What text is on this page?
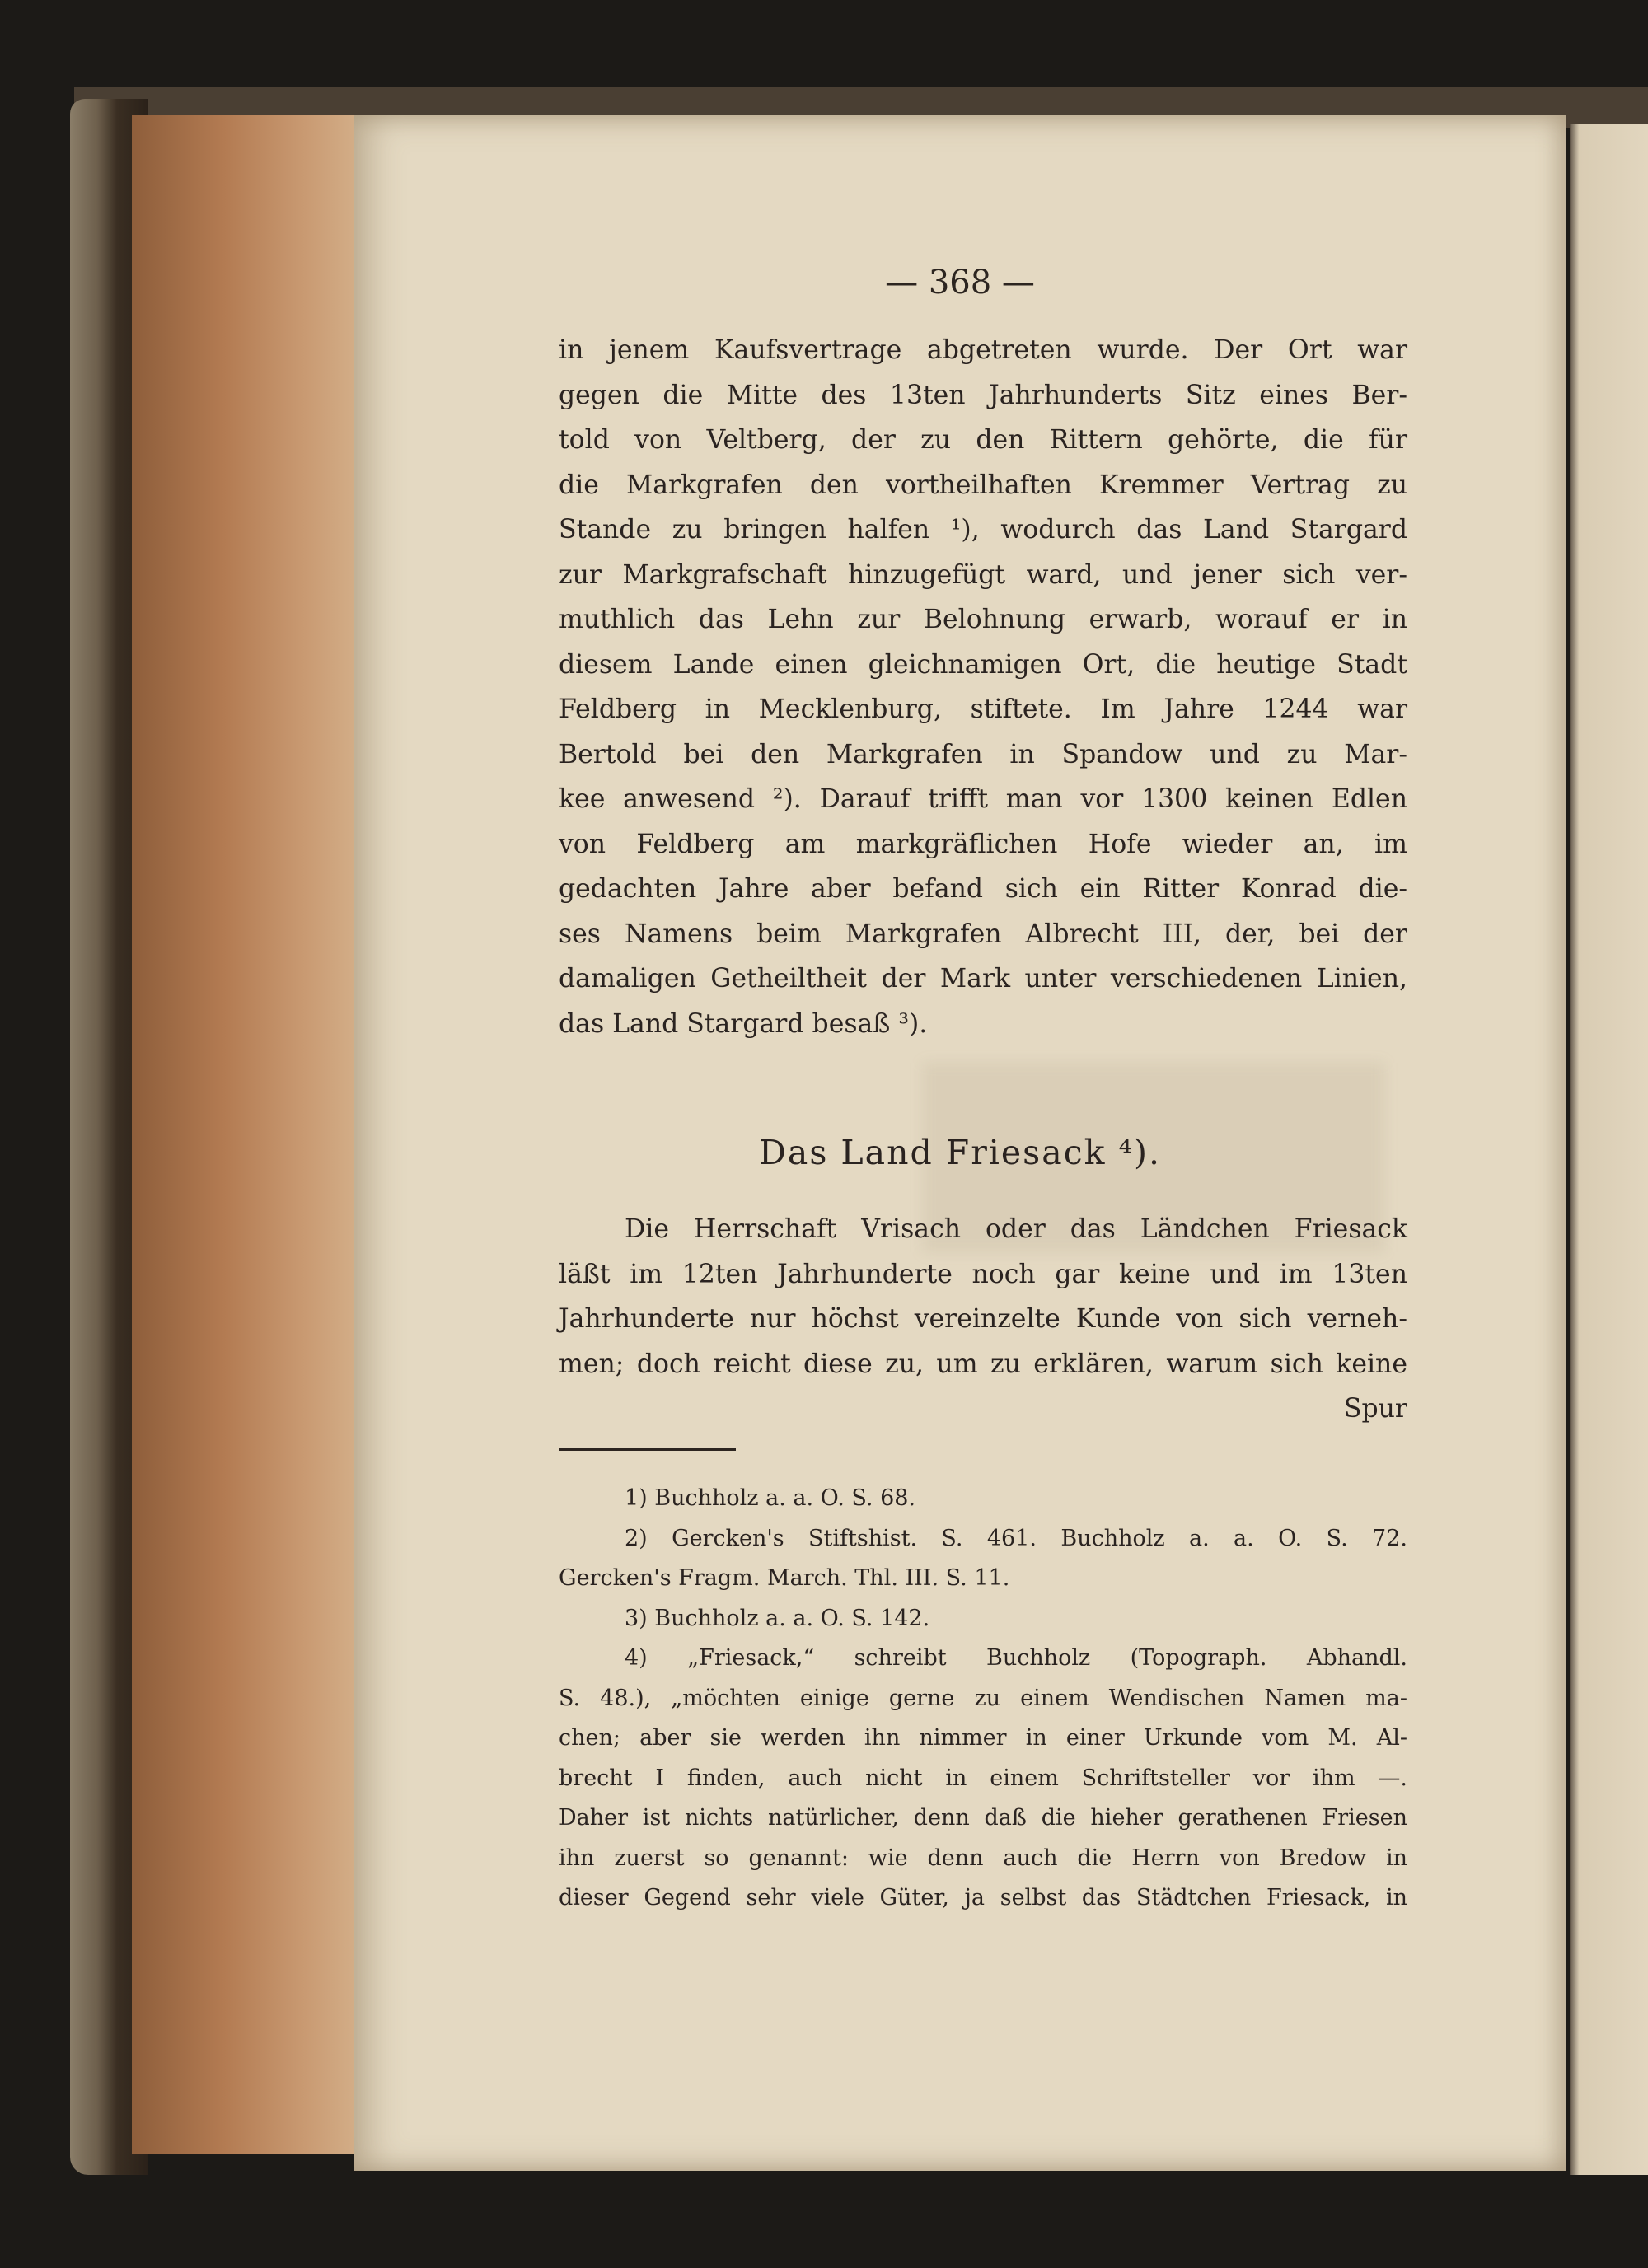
— 368 —
in jenem Kaufsvertrage abgetreten wurde. Der Ort war
gegen die Mitte des 13ten Jahrhunderts Sitz eines Ber-
told von Veltberg, der zu den Rittern gehörte, die für
die Markgrafen den vortheilhaften Kremmer Vertrag zu
Stande zu bringen halfen ¹), wodurch das Land Stargard
zur Markgrafschaft hinzugefügt ward, und jener sich ver-
muthlich das Lehn zur Belohnung erwarb, worauf er in
diesem Lande einen gleichnamigen Ort, die heutige Stadt
Feldberg in Mecklenburg, stiftete. Im Jahre 1244 war
Bertold bei den Markgrafen in Spandow und zu Mar-
kee anwesend ²). Darauf trifft man vor 1300 keinen Edlen
von Feldberg am markgräflichen Hofe wieder an, im
gedachten Jahre aber befand sich ein Ritter Konrad die-
ses Namens beim Markgrafen Albrecht III, der, bei der
damaligen Getheiltheit der Mark unter verschiedenen Linien,
das Land Stargard besaß ³).
Das Land Friesack ⁴).
Die Herrschaft Vrisach oder das Ländchen Friesack
läßt im 12ten Jahrhunderte noch gar keine und im 13ten
Jahrhunderte nur höchst vereinzelte Kunde von sich verneh-
men; doch reicht diese zu, um zu erklären, warum sich keine
Spur
1) Buchholz a. a. O. S. 68.
2) Gercken's Stiftshist. S. 461. Buchholz a. a. O. S. 72.
Gercken's Fragm. March. Thl. III. S. 11.
3) Buchholz a. a. O. S. 142.
4) „Friesack,“ schreibt Buchholz (Topograph. Abhandl.
S. 48.), „möchten einige gerne zu einem Wendischen Namen ma-
chen; aber sie werden ihn nimmer in einer Urkunde vom M. Al-
brecht I finden, auch nicht in einem Schriftsteller vor ihm —.
Daher ist nichts natürlicher, denn daß die hieher gerathenen Friesen
ihn zuerst so genannt: wie denn auch die Herrn von Bredow in
dieser Gegend sehr viele Güter, ja selbst das Städtchen Friesack, in
